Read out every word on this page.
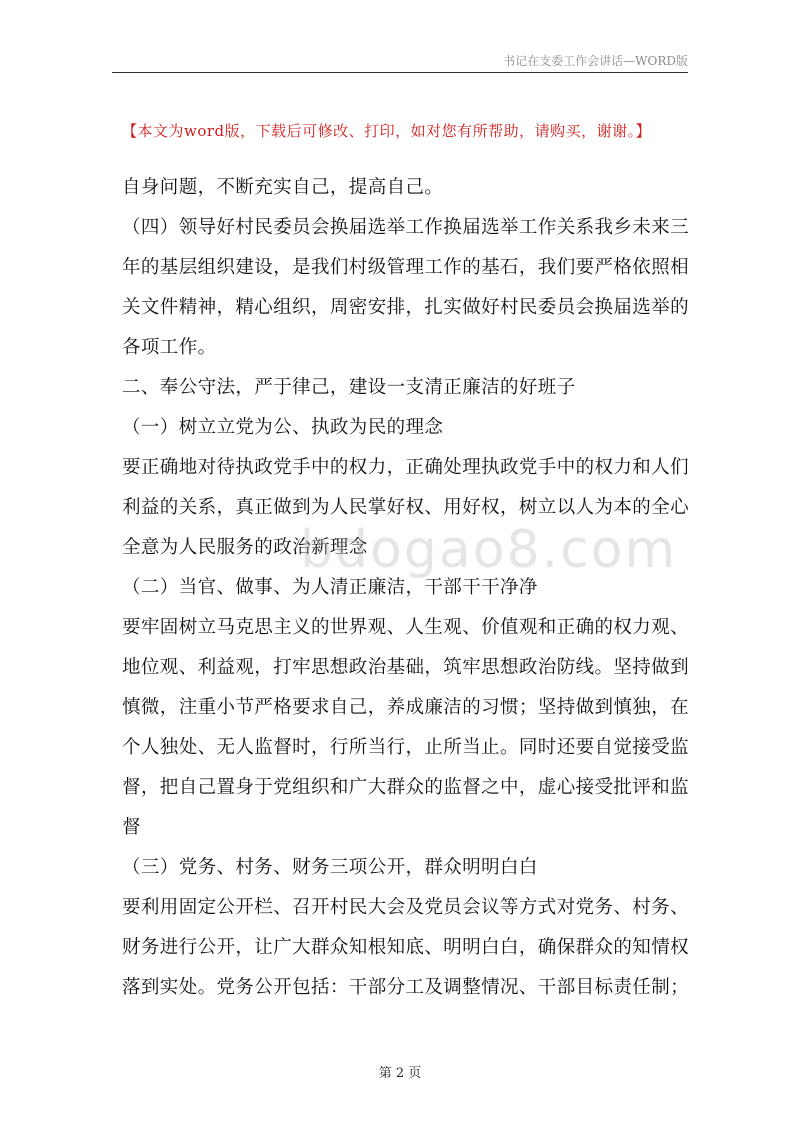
书记在支委工作会讲话—WORD版
【本文为word版，下载后可修改、打印，如对您有所帮助，请购买，谢谢。】
自身问题，不断充实自己，提高自己。
（四）领导好村民委员会换届选举工作换届选举工作关系我乡未来三
年的基层组织建设，是我们村级管理工作的基石，我们要严格依照相
关文件精神，精心组织，周密安排，扎实做好村民委员会换届选举的
各项工作。
二、奉公守法，严于律己，建设一支清正廉洁的好班子
（一）树立立党为公、执政为民的理念
要正确地对待执政党手中的权力，正确处理执政党手中的权力和人们
利益的关系，真正做到为人民掌好权、用好权，树立以人为本的全心
全意为人民服务的政治新理念
（二）当官、做事、为人清正廉洁，干部干干净净
要牢固树立马克思主义的世界观、人生观、价值观和正确的权力观、
地位观、利益观，打牢思想政治基础，筑牢思想政治防线。坚持做到
慎微，注重小节严格要求自己，养成廉洁的习惯；坚持做到慎独，在
个人独处、无人监督时，行所当行，止所当止。同时还要自觉接受监
督，把自己置身于党组织和广大群众的监督之中，虚心接受批评和监
督
（三）党务、村务、财务三项公开，群众明明白白
要利用固定公开栏、召开村民大会及党员会议等方式对党务、村务、
财务进行公开，让广大群众知根知底、明明白白，确保群众的知情权
落到实处。党务公开包括：干部分工及调整情况、干部目标责任制；
bdogao8.com
第 2 页
